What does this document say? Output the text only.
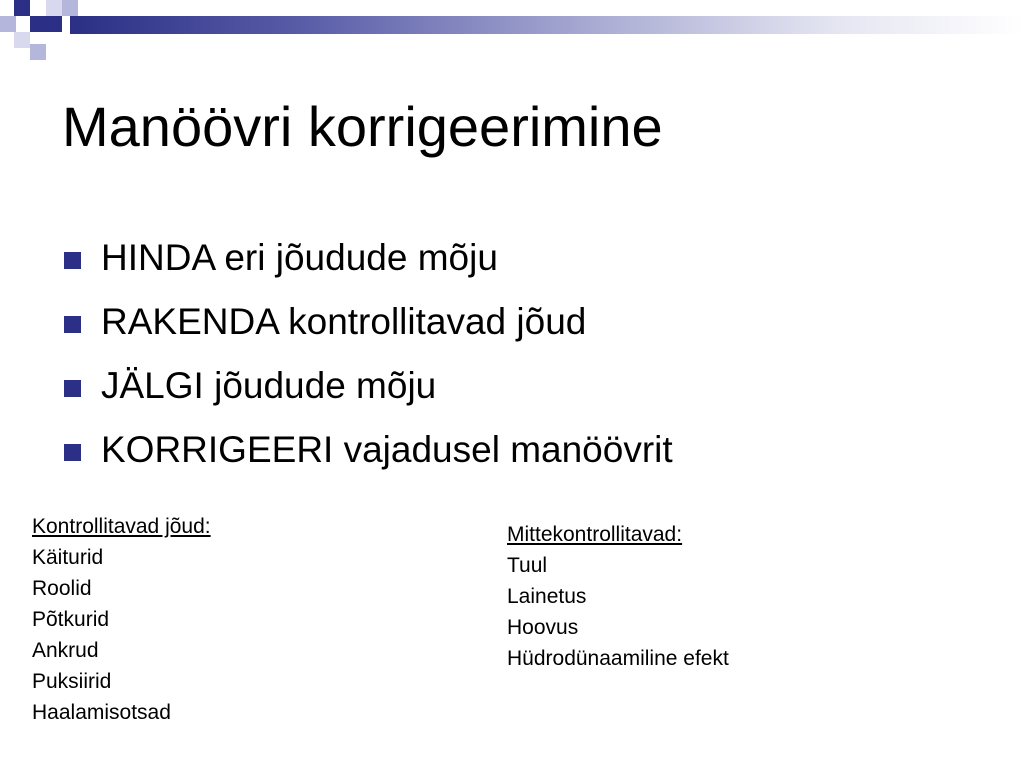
Manöövri korrigeerimine
HINDA eri jõudude mõju
RAKENDA kontrollitavad jõud
JÄLGI jõudude mõju
KORRIGEERI vajadusel manöövrit
Kontrollitavad jõud:
Käiturid
Roolid
Põtkurid
Ankrud
Puksiirid
Haalamisotsad
Mittekontrollitavad:
Tuul
Lainetus
Hoovus
Hüdrodünaamiline efekt
